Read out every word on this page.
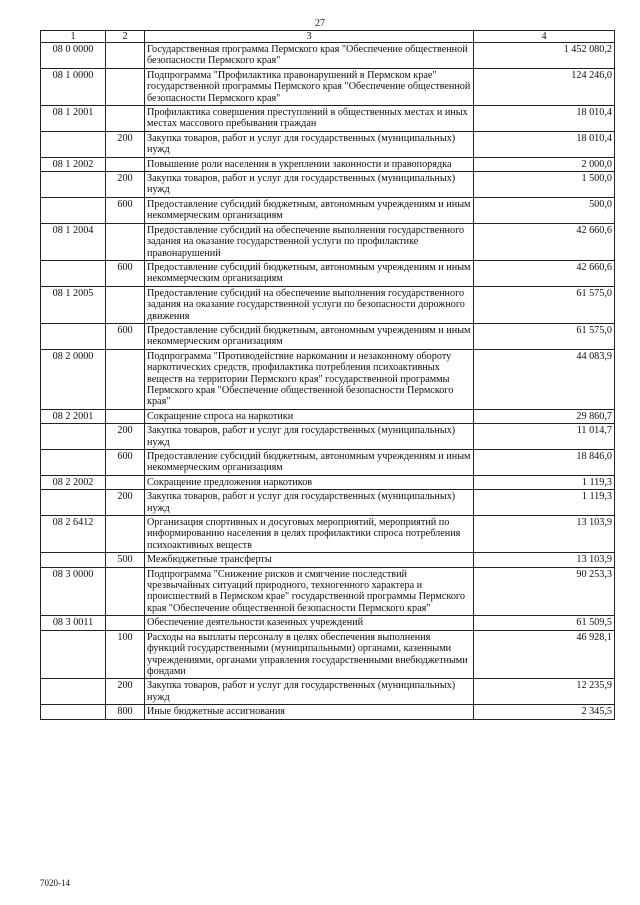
27
1	2	3	4
08 0 0000		Государственная программа Пермского края "Обеспечение общественной безопасности Пермского края"	1 452 080,2
08 1 0000		Подпрограмма "Профилактика правонарушений в Пермском крае" государственной программы Пермского края "Обеспечение общественной безопасности Пермского края"	124 246,0
08 1 2001		Профилактика совершения преступлений в общественных местах и иных местах массового пребывания граждан	18 010,4
	200	Закупка товаров, работ и услуг для государственных (муниципальных) нужд	18 010,4
08 1 2002		Повышение роли населения в укреплении законности и правопорядка	2 000,0
	200	Закупка товаров, работ и услуг для государственных (муниципальных) нужд	1 500,0
	600	Предоставление субсидий бюджетным, автономным учреждениям и иным некоммерческим организациям	500,0
08 1 2004		Предоставление субсидий на обеспечение выполнения государственного задания на оказание государственной услуги по профилактике правонарушений	42 660,6
	600	Предоставление субсидий бюджетным, автономным учреждениям и иным некоммерческим организациям	42 660,6
08 1 2005		Предоставление субсидий на обеспечение выполнения государственного задания на оказание государственной услуги по безопасности дорожного движения	61 575,0
	600	Предоставление субсидий бюджетным, автономным учреждениям и иным некоммерческим организациям	61 575,0
08 2 0000		Подпрограмма "Противодействие наркомании и незаконному обороту наркотических средств, профилактика потребления психоактивных веществ на территории Пермского края" государственной программы Пермского края "Обеспечение общественной безопасности Пермского края"	44 083,9
08 2 2001		Сокращение спроса на наркотики	29 860,7
	200	Закупка товаров, работ и услуг для государственных (муниципальных) нужд	11 014,7
	600	Предоставление субсидий бюджетным, автономным учреждениям и иным некоммерческим организациям	18 846,0
08 2 2002		Сокращение предложения наркотиков	1 119,3
	200	Закупка товаров, работ и услуг для государственных (муниципальных) нужд	1 119,3
08 2 6412		Организация спортивных и досуговых мероприятий, мероприятий по информированию населения в целях профилактики спроса потребления психоактивных веществ	13 103,9
	500	Межбюджетные трансферты	13 103,9
08 3 0000		Подпрограмма "Снижение рисков и смягчение последствий чрезвычайных ситуаций природного, техногенного характера и происшествий в Пермском крае" государственной программы Пермского края "Обеспечение общественной безопасности Пермского края"	90 253,3
08 3 0011		Обеспечение деятельности казенных учреждений	61 509,5
	100	Расходы на выплаты персоналу в целях обеспечения выполнения функций государственными (муниципальными) органами, казенными учреждениями, органами управления государственными внебюджетными фондами	46 928,1
	200	Закупка товаров, работ и услуг для государственных (муниципальных) нужд	12 235,9
	800	Иные бюджетные ассигнования	2 345,5
7020-14
